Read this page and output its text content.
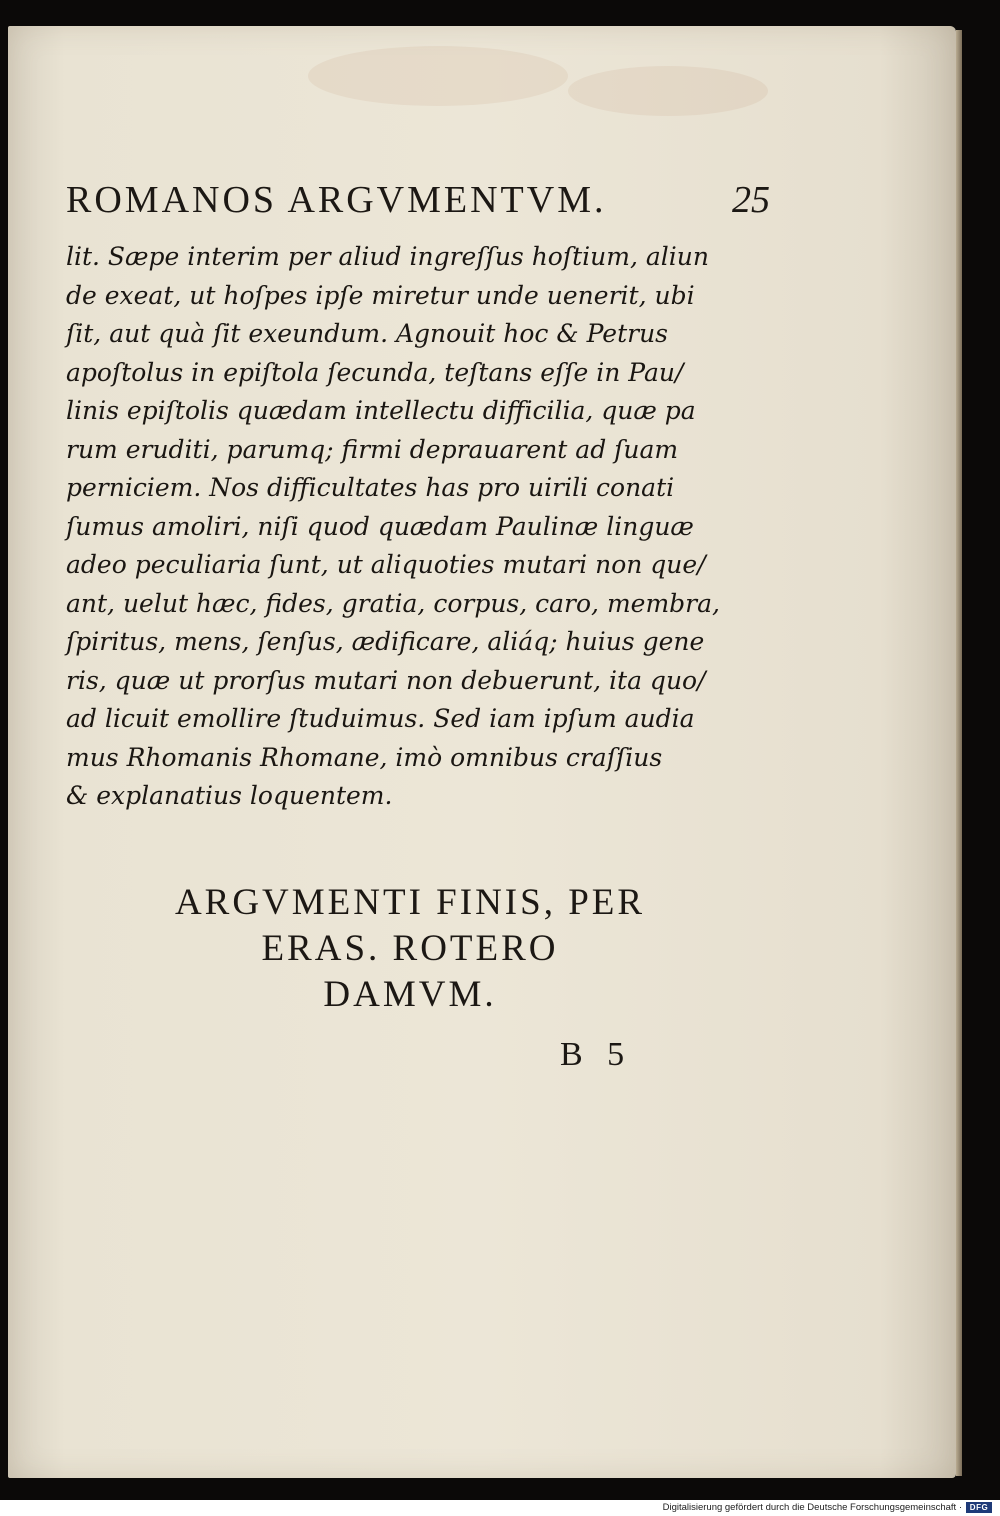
ROMANOS ARGVMENTVM.	25
lit. Sæpe interim per aliud ingreſſus hoſtium, aliun
de exeat, ut hoſpes ipſe miretur unde uenerit, ubi
ſit, aut quà ſit exeundum. Agnouit hoc & Petrus
apoſtolus in epiſtola ſecunda, teſtans eſſe in Pau/
linis epiſtolis quædam intellectu difficilia, quæ pa
rum eruditi, parumq; firmi deprauarent ad ſuam
perniciem. Nos difficultates has pro uirili conati
ſumus amoliri, niſi quod quædam Paulinæ linguæ
adeo peculiaria ſunt, ut aliquoties mutari non que/
ant, uelut hæc, fides, gratia, corpus, caro, membra,
ſpiritus, mens, ſenſus, ædificare, aliáq; huius gene
ris, quæ ut prorſus mutari non debuerunt, ita quo/
ad licuit emollire ſtuduimus. Sed iam ipſum audia
mus Rhomanis Rhomane, imò omnibus craſſius
& explanatius loquentem.
ARGVMENTI FINIS, PER
ERAS. ROTERO
DAMVM.
B 5
Digitalisierung gefördert durch die Deutsche Forschungsgemeinschaft · DFG
